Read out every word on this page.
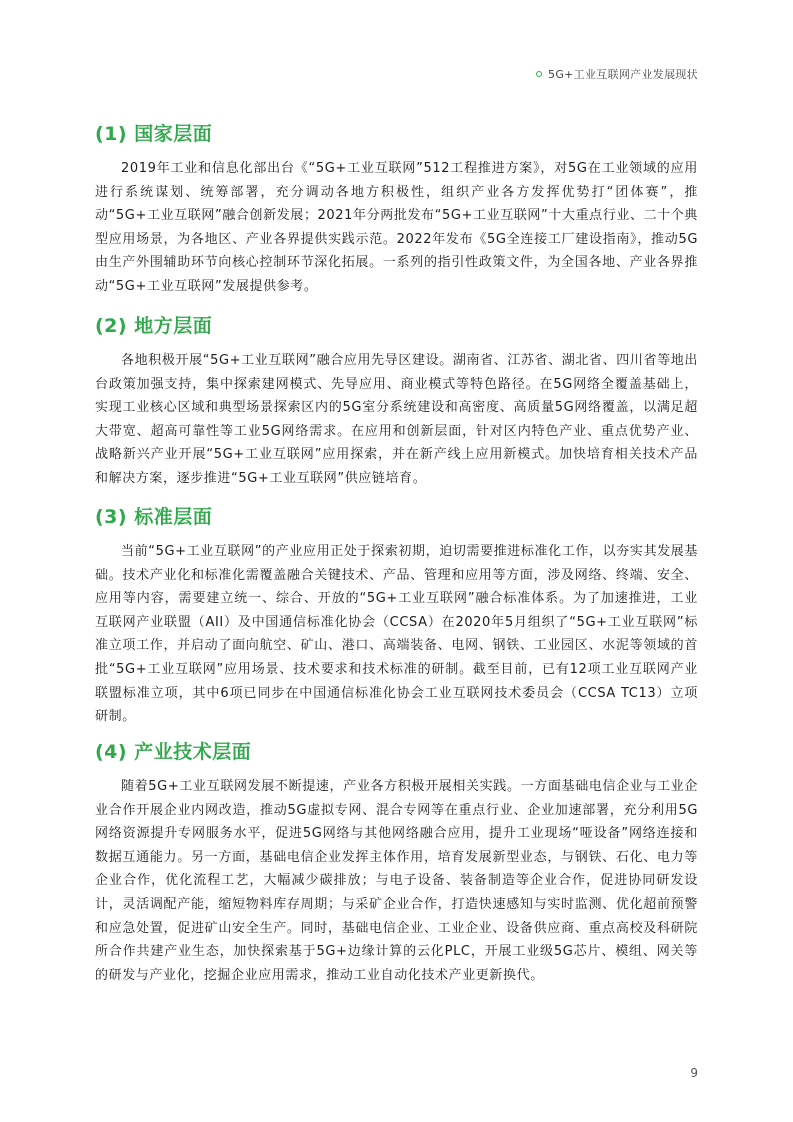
5G+工业互联网产业发展现状
(1) 国家层面

2019年工业和信息化部出台《“5G+工业互联网”512工程推进方案》，对5G在工业领域的应用进行系统谋划、统筹部署，充分调动各地方积极性，组织产业各方发挥优势打“团体赛”，推动“5G+工业互联网”融合创新发展；2021年分两批发布“5G+工业互联网”十大重点行业、二十个典型应用场景，为各地区、产业各界提供实践示范。2022年发布《5G全连接工厂建设指南》，推动5G由生产外围辅助环节向核心控制环节深化拓展。一系列的指引性政策文件，为全国各地、产业各界推动“5G+工业互联网”发展提供参考。

(2) 地方层面

各地积极开展“5G+工业互联网”融合应用先导区建设。湖南省、江苏省、湖北省、四川省等地出台政策加强支持，集中探索建网模式、先导应用、商业模式等特色路径。在5G网络全覆盖基础上，实现工业核心区域和典型场景探索区内的5G室分系统建设和高密度、高质量5G网络覆盖，以满足超大带宽、超高可靠性等工业5G网络需求。在应用和创新层面，针对区内特色产业、重点优势产业、战略新兴产业开展“5G+工业互联网”应用探索，并在新产线上应用新模式。加快培育相关技术产品和解决方案，逐步推进“5G+工业互联网”供应链培育。

(3) 标准层面

当前“5G+工业互联网”的产业应用正处于探索初期，迫切需要推进标准化工作，以夯实其发展基础。技术产业化和标准化需覆盖融合关键技术、产品、管理和应用等方面，涉及网络、终端、安全、应用等内容，需要建立统一、综合、开放的“5G+工业互联网”融合标准体系。为了加速推进，工业互联网产业联盟（AII）及中国通信标准化协会（CCSA）在2020年5月组织了“5G+工业互联网”标准立项工作，并启动了面向航空、矿山、港口、高端装备、电网、钢铁、工业园区、水泥等领域的首批“5G+工业互联网”应用场景、技术要求和技术标准的研制。截至目前，已有12项工业互联网产业联盟标准立项，其中6项已同步在中国通信标准化协会工业互联网技术委员会（CCSA TC13）立项研制。

(4) 产业技术层面

随着5G+工业互联网发展不断提速，产业各方积极开展相关实践。一方面基础电信企业与工业企业合作开展企业内网改造，推动5G虚拟专网、混合专网等在重点行业、企业加速部署，充分利用5G网络资源提升专网服务水平，促进5G网络与其他网络融合应用，提升工业现场“哑设备”网络连接和数据互通能力。另一方面，基础电信企业发挥主体作用，培育发展新型业态，与钢铁、石化、电力等企业合作，优化流程工艺，大幅减少碳排放；与电子设备、装备制造等企业合作，促进协同研发设计，灵活调配产能，缩短物料库存周期；与采矿企业合作，打造快速感知与实时监测、优化超前预警和应急处置，促进矿山安全生产。同时，基础电信企业、工业企业、设备供应商、重点高校及科研院所合作共建产业生态，加快探索基于5G+边缘计算的云化PLC，开展工业级5G芯片、模组、网关等的研发与产业化，挖掘企业应用需求，推动工业自动化技术产业更新换代。

9
